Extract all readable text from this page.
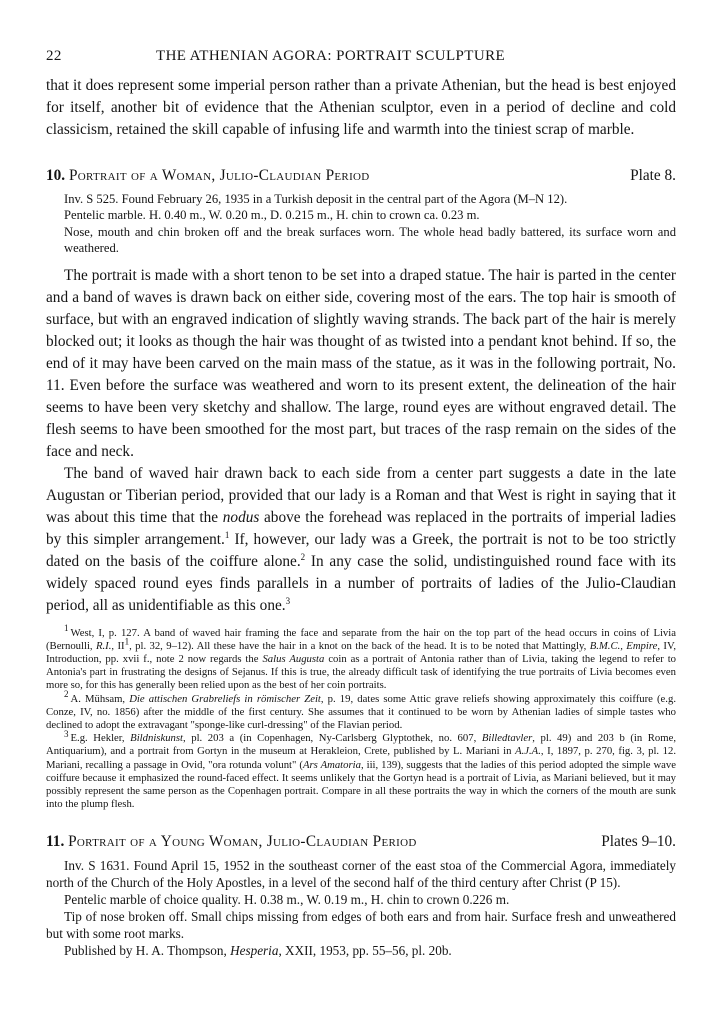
22	THE ATHENIAN AGORA: PORTRAIT SCULPTURE

that it does represent some imperial person rather than a private Athenian, but the head is best enjoyed for itself, another bit of evidence that the Athenian sculptor, even in a period of decline and cold classicism, retained the skill capable of infusing life and warmth into the tiniest scrap of marble.

10. Portrait of a Woman, Julio-Claudian Period	Plate 8.

Inv. S 525. Found February 26, 1935 in a Turkish deposit in the central part of the Agora (M–N 12).

Pentelic marble. H. 0.40 m., W. 0.20 m., D. 0.215 m., H. chin to crown ca. 0.23 m.

Nose, mouth and chin broken off and the break surfaces worn. The whole head badly battered, its surface worn and weathered.

The portrait is made with a short tenon to be set into a draped statue. The hair is parted in the center and a band of waves is drawn back on either side, covering most of the ears. The top hair is smooth of surface, but with an engraved indication of slightly waving strands. The back part of the hair is merely blocked out; it looks as though the hair was thought of as twisted into a pendant knot behind. If so, the end of it may have been carved on the main mass of the statue, as it was in the following portrait, No. 11. Even before the surface was weathered and worn to its present extent, the delineation of the hair seems to have been very sketchy and shallow. The large, round eyes are without engraved detail. The flesh seems to have been smoothed for the most part, but traces of the rasp remain on the sides of the face and neck.

The band of waved hair drawn back to each side from a center part suggests a date in the late Augustan or Tiberian period, provided that our lady is a Roman and that West is right in saying that it was about this time that the nodus above the forehead was replaced in the portraits of imperial ladies by this simpler arrangement.$^1$ If, however, our lady was a Greek, the portrait is not to be too strictly dated on the basis of the coiffure alone.$^2$ In any case the solid, undistinguished round face with its widely spaced round eyes finds parallels in a number of portraits of ladies of the Julio-Claudian period, all as unidentifiable as this one.$^3$

$^1$ West, I, p. 127. A band of waved hair framing the face and separate from the hair on the top part of the head occurs in coins of Livia (Bernoulli, R.I., $II^1$, pl. 32, 9–12). All these have the hair in a knot on the back of the head. It is to be noted that Mattingly, B.M.C., Empire, IV, Introduction, pp. xvii f., note 2 now regards the Salus Augusta coin as a portrait of Antonia rather than of Livia, taking the legend to refer to Antonia's part in frustrating the designs of Sejanus. If this is true, the already difficult task of identifying the true portraits of Livia becomes even more so, for this has generally been relied upon as the best of her coin portraits.

$^2$ A. Mühsam, Die attischen Grabreliefs in römischer Zeit, p. 19, dates some Attic grave reliefs showing approximately this coiffure (e.g. Conze, IV, no. 1856) after the middle of the first century. She assumes that it continued to be worn by Athenian ladies of simple tastes who declined to adopt the extravagant "sponge-like curl-dressing" of the Flavian period.

$^3$ E.g. Hekler, Bildniskunst, pl. 203 a (in Copenhagen, Ny-Carlsberg Glyptothek, no. 607, Billedtavler, pl. 49) and 203 b (in Rome, Antiquarium), and a portrait from Gortyn in the museum at Herakleion, Crete, published by L. Mariani in A.J.A., I, 1897, p. 270, fig. 3, pl. 12. Mariani, recalling a passage in Ovid, "ora rotunda volunt" (Ars Amatoria, iii, 139), suggests that the ladies of this period adopted the simple wave coiffure because it emphasized the round-faced effect. It seems unlikely that the Gortyn head is a portrait of Livia, as Mariani believed, but it may possibly represent the same person as the Copenhagen portrait. Compare in all these portraits the way in which the corners of the mouth are sunk into the plump flesh.

11. Portrait of a Young Woman, Julio-Claudian Period	Plates 9–10.

Inv. S 1631. Found April 15, 1952 in the southeast corner of the east stoa of the Commercial Agora, immediately north of the Church of the Holy Apostles, in a level of the second half of the third century after Christ (P 15).

Pentelic marble of choice quality. H. 0.38 m., W. 0.19 m., H. chin to crown 0.226 m.

Tip of nose broken off. Small chips missing from edges of both ears and from hair. Surface fresh and unweathered but with some root marks.

Published by H. A. Thompson, Hesperia, XXII, 1953, pp. 55–56, pl. 20b.
